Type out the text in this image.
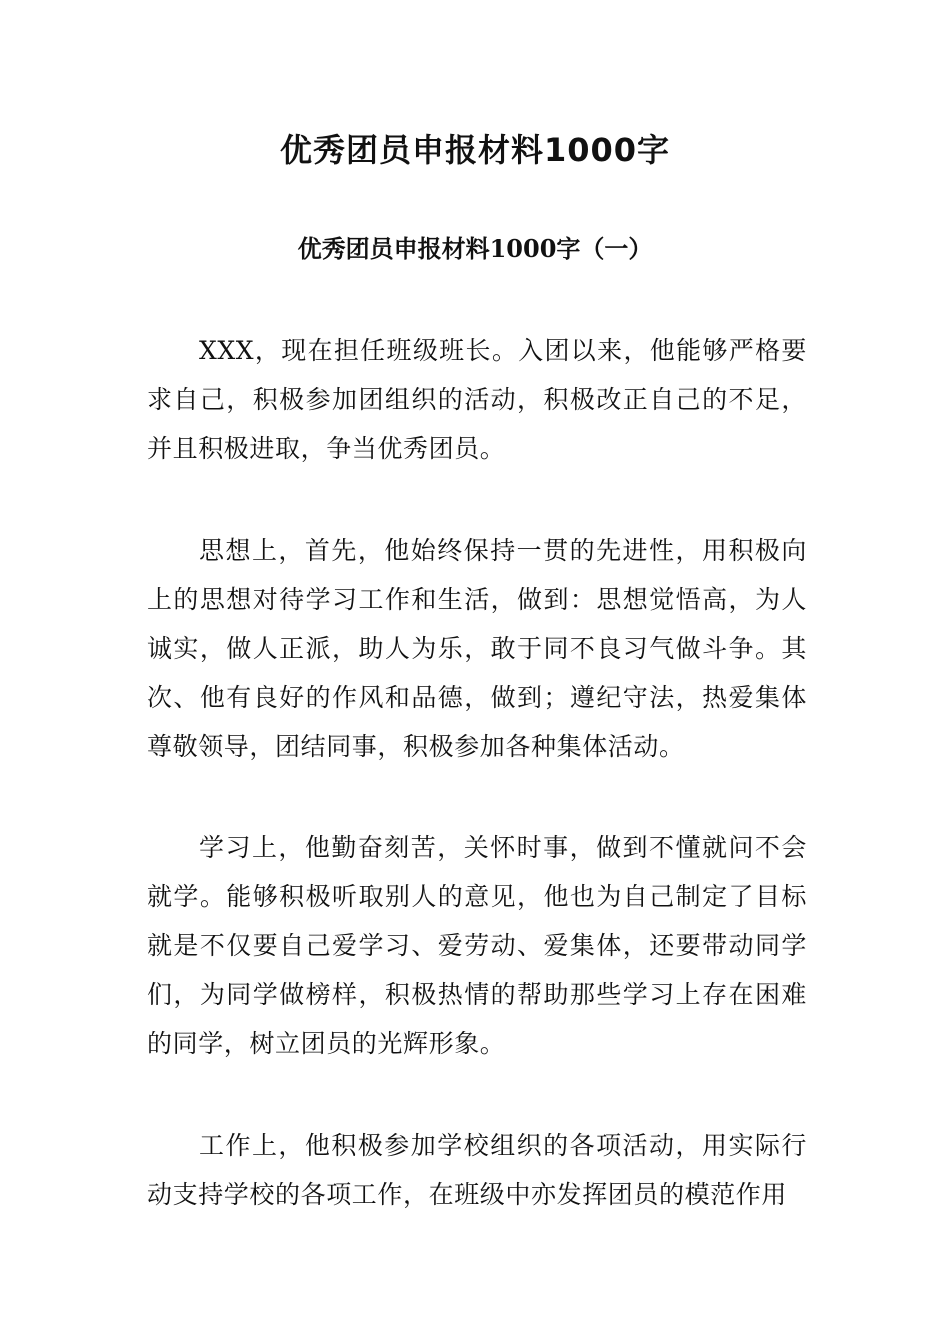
优秀团员申报材料1000字
优秀团员申报材料1000字（一）

XXX，现在担任班级班长。入团以来，他能够严格要求自己，积极参加团组织的活动，积极改正自己的不足，并且积极进取，争当优秀团员。

思想上，首先，他始终保持一贯的先进性，用积极向上的思想对待学习工作和生活，做到：思想觉悟高，为人诚实，做人正派，助人为乐，敢于同不良习气做斗争。其次、他有良好的作风和品德，做到；遵纪守法，热爱集体尊敬领导，团结同事，积极参加各种集体活动。

学习上，他勤奋刻苦，关怀时事，做到不懂就问不会就学。能够积极听取别人的意见，他也为自己制定了目标就是不仅要自己爱学习、爱劳动、爱集体，还要带动同学们，为同学做榜样，积极热情的帮助那些学习上存在困难的同学，树立团员的光辉形象。

工作上，他积极参加学校组织的各项活动，用实际行动支持学校的各项工作，在班级中亦发挥团员的模范作用
